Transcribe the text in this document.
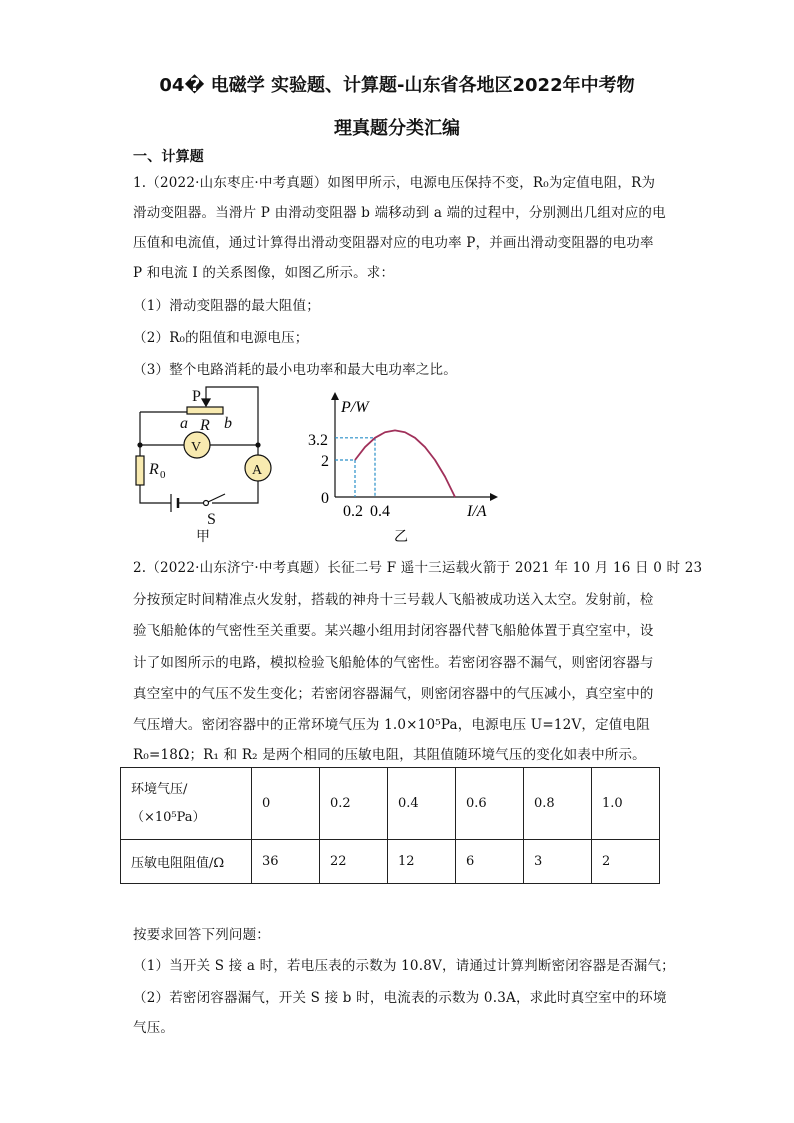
04� 电磁学 实验题、计算题-山东省各地区2022年中考物
理真题分类汇编
一、计算题
1.（2022·山东枣庄·中考真题）如图甲所示，电源电压保持不变，R₀为定值电阻，R为
滑动变阻器。当滑片 P 由滑动变阻器 b 端移动到 a 端的过程中，分别测出几组对应的电
压值和电流值，通过计算得出滑动变阻器对应的电功率 P，并画出滑动变阻器的电功率
P 和电流 I 的关系图像，如图乙所示。求：
（1）滑动变阻器的最大阻值；
（2）R₀的阻值和电源电压；
（3）整个电路消耗的最小电功率和最大电功率之比。
P
a R b
V
A
R 0
S
甲
P/W
I/A
0
3.2
2
0.2 0.4
乙
2.（2022·山东济宁·中考真题）长征二号 F 遥十三运载火箭于 2021 年 10 月 16 日 0 时 23
分按预定时间精准点火发射，搭载的神舟十三号载人飞船被成功送入太空。发射前，检
验飞船舱体的气密性至关重要。某兴趣小组用封闭容器代替飞船舱体置于真空室中，设
计了如图所示的电路，模拟检验飞船舱体的气密性。若密闭容器不漏气，则密闭容器与
真空室中的气压不发生变化；若密闭容器漏气，则密闭容器中的气压减小，真空室中的
气压增大。密闭容器中的正常环境气压为 1.0×10⁵Pa，电源电压 U=12V，定值电阻
R₀=18Ω；R₁ 和 R₂ 是两个相同的压敏电阻，其阻值随环境气压的变化如表中所示。
环境气压/
（×10⁵Pa）	0	0.2	0.4	0.6	0.8	1.0
压敏电阻阻值/Ω	36	22	12	6	3	2
按要求回答下列问题：
（1）当开关 S 接 a 时，若电压表的示数为 10.8V，请通过计算判断密闭容器是否漏气；
（2）若密闭容器漏气，开关 S 接 b 时，电流表的示数为 0.3A，求此时真空室中的环境
气压。
